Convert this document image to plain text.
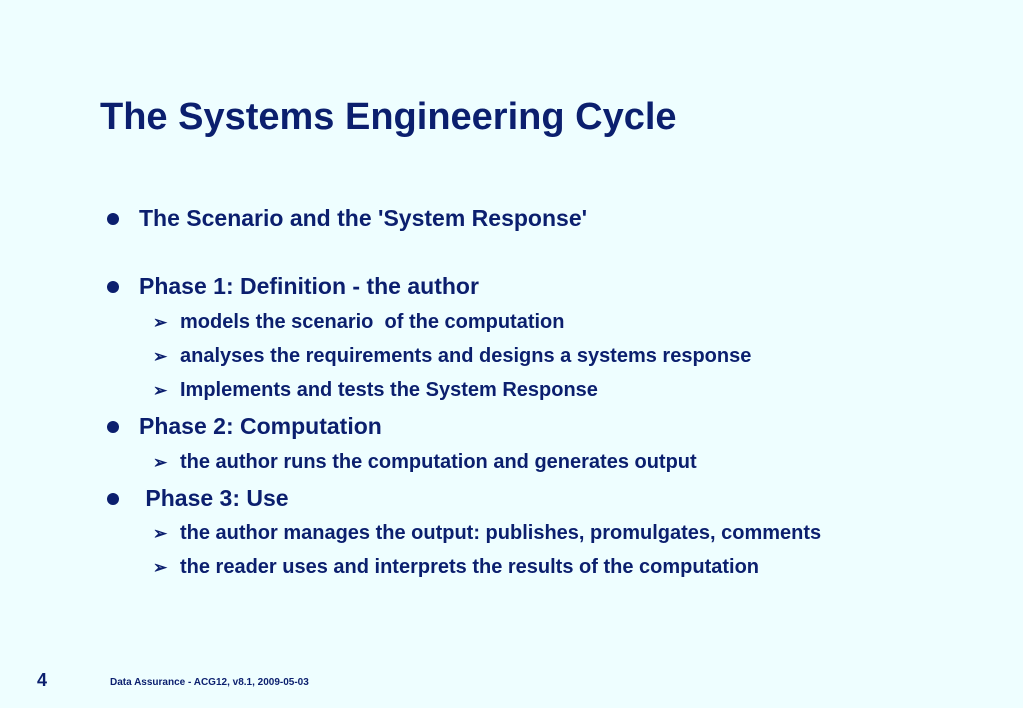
The Systems Engineering Cycle
The Scenario and the 'System Response'
Phase 1: Definition - the author
➢ models the scenario  of the computation
➢ analyses the requirements and designs a systems response
➢ Implements and tests the System Response
Phase 2: Computation
➢ the author runs the computation and generates output
Phase 3: Use
➢ the author manages the output: publishes, promulgates, comments
➢ the reader uses and interprets the results of the computation
4	Data Assurance - ACG12, v8.1, 2009-05-03
